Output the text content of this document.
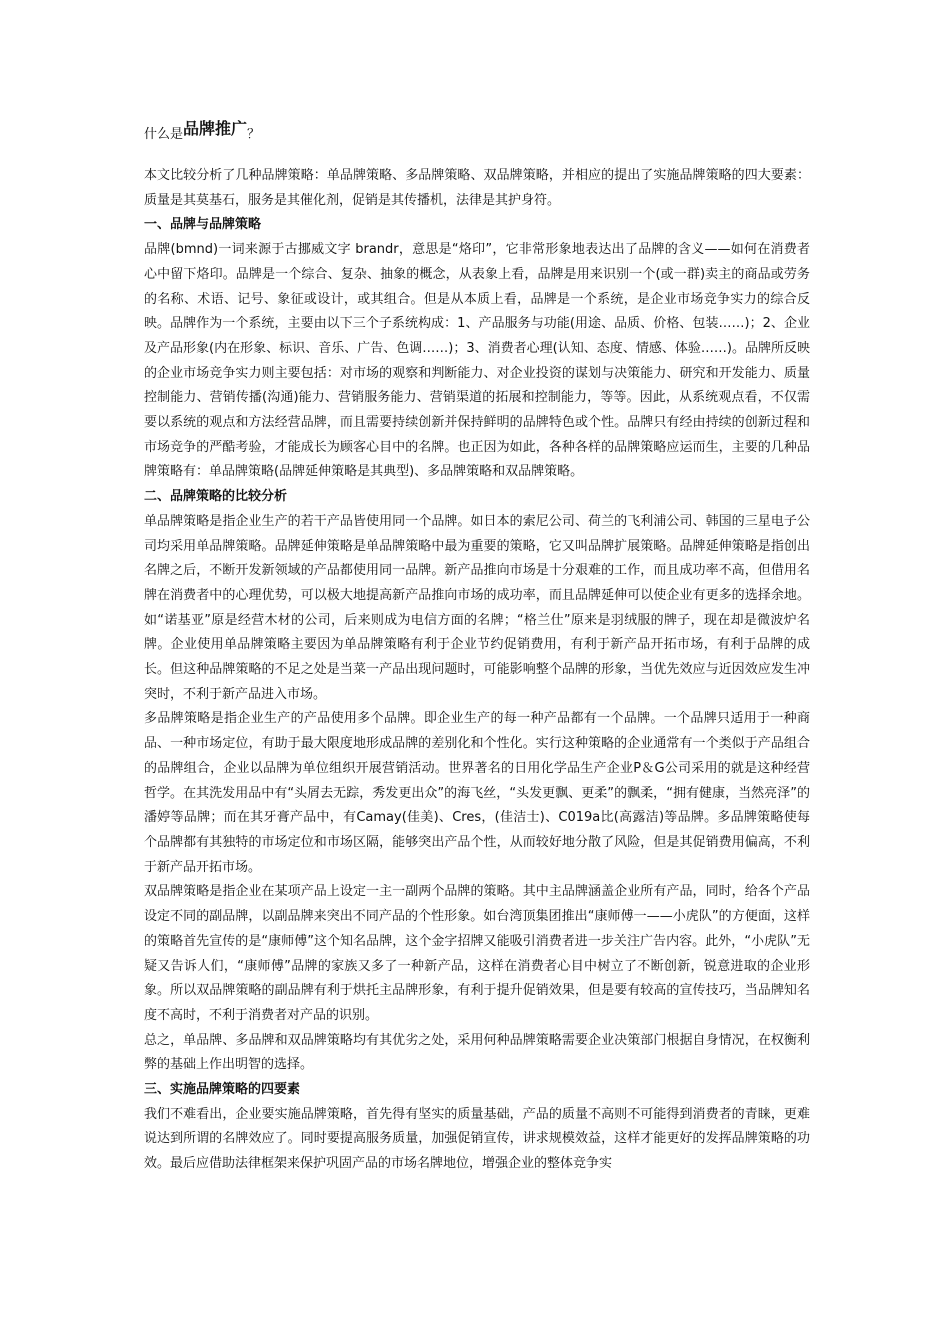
什么是品牌推广？

本文比较分析了几种品牌策略：单品牌策略、多品牌策略、双品牌策略，并相应的提出了实施品牌策略的四大要素：质量是其莫基石，服务是其催化剂，促销是其传播机，法律是其护身符。

一、品牌与品牌策略

品牌(bmnd)一词来源于古挪威文字 brandr，意思是“烙印”，它非常形象地表达出了品牌的含义——如何在消费者心中留下烙印。品牌是一个综合、复杂、抽象的概念，从表象上看，品牌是用来识别一个(或一群)卖主的商品或劳务的名称、术语、记号、象征或设计，或其组合。但是从本质上看，品牌是一个系统，是企业市场竞争实力的综合反映。品牌作为一个系统，主要由以下三个子系统构成：1、产品服务与功能(用途、品质、价格、包装……)；2、企业及产品形象(内在形象、标识、音乐、广告、色调……)；3、消费者心理(认知、态度、情感、体验……)。品牌所反映的企业市场竞争实力则主要包括：对市场的观察和判断能力、对企业投资的谋划与决策能力、研究和开发能力、质量控制能力、营销传播(沟通)能力、营销服务能力、营销渠道的拓展和控制能力，等等。因此，从系统观点看，不仅需要以系统的观点和方法经营品牌，而且需要持续创新并保持鲜明的品牌特色或个性。品牌只有经由持续的创新过程和市场竞争的严酷考验，才能成长为顾客心目中的名牌。也正因为如此，各种各样的品牌策略应运而生，主要的几种品牌策略有：单品牌策略(品牌延伸策略是其典型)、多品牌策略和双品牌策略。

二、品牌策略的比较分析

单品牌策略是指企业生产的若干产品皆使用同一个品牌。如日本的索尼公司、荷兰的飞利浦公司、韩国的三星电子公司均采用单品牌策略。品牌延伸策略是单品牌策略中最为重要的策略，它又叫品牌扩展策略。品牌延伸策略是指创出名牌之后，不断开发新领域的产品都使用同一品牌。新产品推向市场是十分艰难的工作，而且成功率不高，但借用名牌在消费者中的心理优势，可以极大地提高新产品推向市场的成功率，而且品牌延伸可以使企业有更多的选择余地。如“诺基亚”原是经营木材的公司，后来则成为电信方面的名牌；“格兰仕”原来是羽绒服的牌子，现在却是微波炉名牌。企业使用单品牌策略主要因为单品牌策略有利于企业节约促销费用，有利于新产品开拓市场，有利于品牌的成长。但这种品牌策略的不足之处是当菜一产品出现问题时，可能影响整个品牌的形象，当优先效应与近因效应发生冲突时，不利于新产品进入市场。

多品牌策略是指企业生产的产品使用多个品牌。即企业生产的每一种产品都有一个品牌。一个品牌只适用于一种商品、一种市场定位，有助于最大限度地形成品牌的差别化和个性化。实行这种策略的企业通常有一个类似于产品组合的品牌组合，企业以品牌为单位组织开展营销活动。世界著名的日用化学品生产企业P＆G公司采用的就是这种经营哲学。在其洗发用品中有“头屑去无踪，秀发更出众”的海飞丝，“头发更飘、更柔”的飘柔，“拥有健康，当然亮泽”的潘婷等品牌；而在其牙膏产品中，有Camay(佳美)、Cres，(佳洁士)、C019a比(高露洁)等品牌。多品牌策略使每个品牌都有其独特的市场定位和市场区隔，能够突出产品个性，从而较好地分散了风险，但是其促销费用偏高，不利于新产品开拓市场。

双品牌策略是指企业在某项产品上设定一主一副两个品牌的策略。其中主品牌涵盖企业所有产品，同时，给各个产品设定不同的副品牌，以副品牌来突出不同产品的个性形象。如台湾顶集团推出“康师傅一——小虎队”的方便面，这样的策略首先宣传的是“康师傅”这个知名品牌，这个金字招牌又能吸引消费者进一步关注广告内容。此外，“小虎队”无疑又告诉人们，“康师傅”品牌的家族又多了一种新产品，这样在消费者心目中树立了不断创新，锐意进取的企业形象。所以双品牌策略的副品牌有利于烘托主品牌形象，有利于提升促销效果，但是要有较高的宣传技巧，当品牌知名度不高时，不利于消费者对产品的识别。

总之，单品牌、多品牌和双品牌策略均有其优劣之处，采用何种品牌策略需要企业决策部门根据自身情况，在权衡利弊的基础上作出明智的选择。

三、实施品牌策略的四要素

我们不难看出，企业要实施品牌策略，首先得有坚实的质量基础，产品的质量不高则不可能得到消费者的青睐，更难说达到所谓的名牌效应了。同时要提高服务质量，加强促销宣传，讲求规模效益，这样才能更好的发挥品牌策略的功效。最后应借助法律框架来保护巩固产品的市场名牌地位，增强企业的整体竞争实
